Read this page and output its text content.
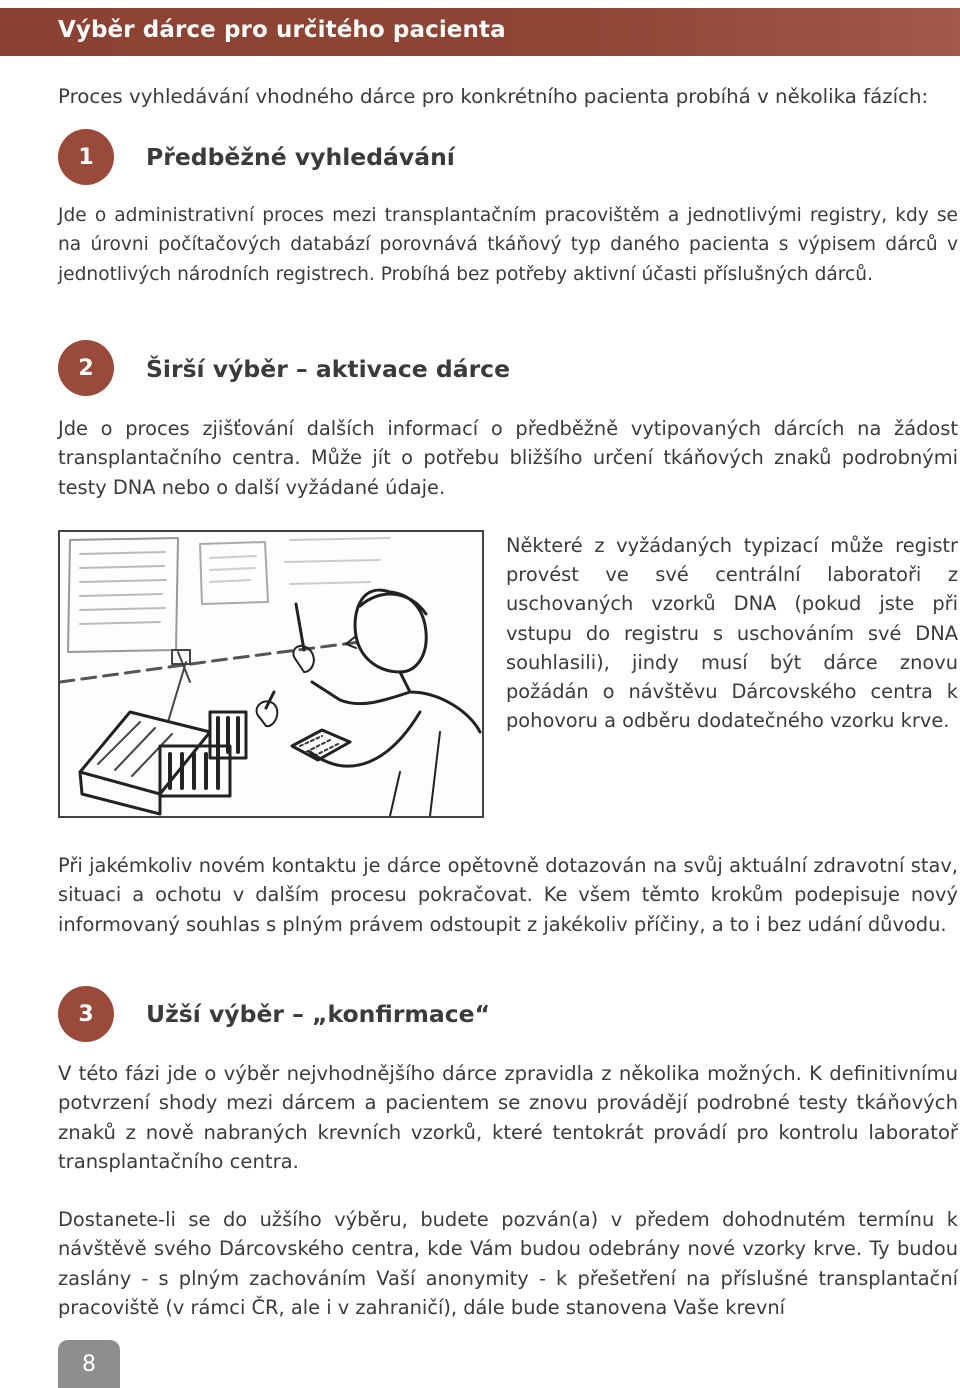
Výběr dárce pro určitého pacienta

Proces vyhledávání vhodného dárce pro konkrétního pacienta probíhá v několika fázích:

1	Předběžné vyhledávání

Jde o administrativní proces mezi transplantačním pracovištěm a jednotlivými registry, kdy se na úrovni počítačových databází porovnává tkáňový typ daného pacienta s výpisem dárců v jednotlivých národních registrech. Probíhá bez potřeby aktivní účasti příslušných dárců.

2	Širší výběr – aktivace dárce

Jde o proces zjišťování dalších informací o předběžně vytipovaných dárcích na žádost transplantačního centra. Může jít o potřebu bližšího určení tkáňových znaků podrobnými testy DNA nebo o další vyžádané údaje.

Některé z vyžádaných typizací může registr provést ve své centrální laboratoři z uschovaných vzorků DNA (pokud jste při vstupu do registru s uschováním své DNA souhlasili), jindy musí být dárce znovu požádán o návštěvu Dárcovského centra k pohovoru a odběru dodatečného vzorku krve.

Při jakémkoliv novém kontaktu je dárce opětovně dotazován na svůj aktuální zdravotní stav, situaci a ochotu v dalším procesu pokračovat. Ke všem těmto krokům podepisuje nový informovaný souhlas s plným právem odstoupit z jakékoliv příčiny, a to i bez udání důvodu.

3	Užší výběr – „konfirmace“

V této fázi jde o výběr nejvhodnějšího dárce zpravidla z několika možných. K definitivnímu potvrzení shody mezi dárcem a pacientem se znovu provádějí podrobné testy tkáňových znaků z nově nabraných krevních vzorků, které tentokrát provádí pro kontrolu laboratoř transplantačního centra.

Dostanete-li se do užšího výběru, budete pozván(a) v předem dohodnutém termínu k návštěvě svého Dárcovského centra, kde Vám budou odebrány nové vzorky krve. Ty budou zaslány - s plným zachováním Vaší anonymity - k přešetření na příslušné transplantační pracoviště (v rámci ČR, ale i v zahraničí), dále bude stanovena Vaše krevní

8
